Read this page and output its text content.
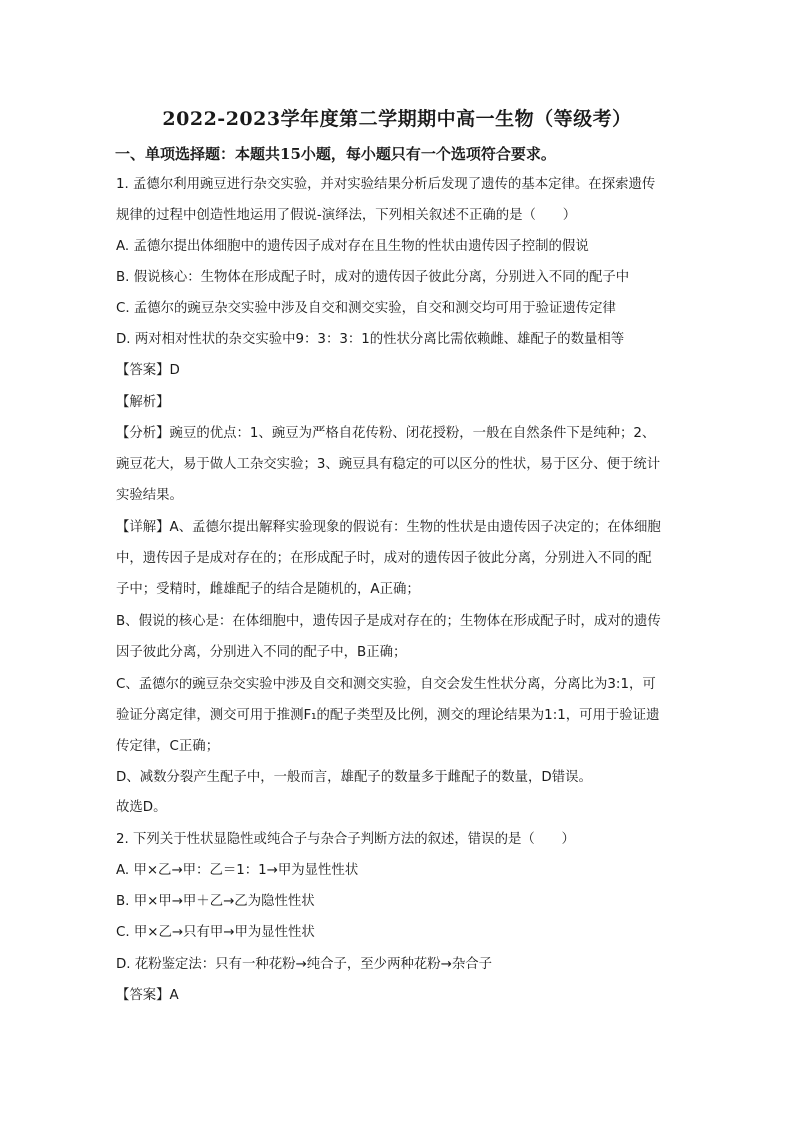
2022-2023学年度第二学期期中高一生物（等级考）
一、单项选择题：本题共15小题，每小题只有一个选项符合要求。
1. 孟德尔利用豌豆进行杂交实验，并对实验结果分析后发现了遗传的基本定律。在探索遗传
规律的过程中创造性地运用了假说-演绎法，下列相关叙述不正确的是（　　）
A. 孟德尔提出体细胞中的遗传因子成对存在且生物的性状由遗传因子控制的假说
B. 假说核心：生物体在形成配子时，成对的遗传因子彼此分离，分别进入不同的配子中
C. 孟德尔的豌豆杂交实验中涉及自交和测交实验，自交和测交均可用于验证遗传定律
D. 两对相对性状的杂交实验中9：3：3：1的性状分离比需依赖雌、雄配子的数量相等
【答案】D
【解析】
【分析】豌豆的优点：1、豌豆为严格自花传粉、闭花授粉，一般在自然条件下是纯种；2、
豌豆花大，易于做人工杂交实验；3、豌豆具有稳定的可以区分的性状，易于区分、便于统计
实验结果。
【详解】A、孟德尔提出解释实验现象的假说有：生物的性状是由遗传因子决定的；在体细胞
中，遗传因子是成对存在的；在形成配子时，成对的遗传因子彼此分离，分别进入不同的配
子中；受精时，雌雄配子的结合是随机的，A正确；
B、假说的核心是：在体细胞中，遗传因子是成对存在的；生物体在形成配子时，成对的遗传
因子彼此分离，分别进入不同的配子中，B正确；
C、孟德尔的豌豆杂交实验中涉及自交和测交实验，自交会发生性状分离，分离比为3:1，可
验证分离定律，测交可用于推测F₁的配子类型及比例，测交的理论结果为1:1，可用于验证遗
传定律，C正确；
D、减数分裂产生配子中，一般而言，雄配子的数量多于雌配子的数量，D错误。
故选D。
2. 下列关于性状显隐性或纯合子与杂合子判断方法的叙述，错误的是（　　）
A. 甲×乙→甲：乙＝1：1→甲为显性性状
B. 甲×甲→甲＋乙→乙为隐性性状
C. 甲×乙→只有甲→甲为显性性状
D. 花粉鉴定法：只有一种花粉→纯合子，至少两种花粉→杂合子
【答案】A
